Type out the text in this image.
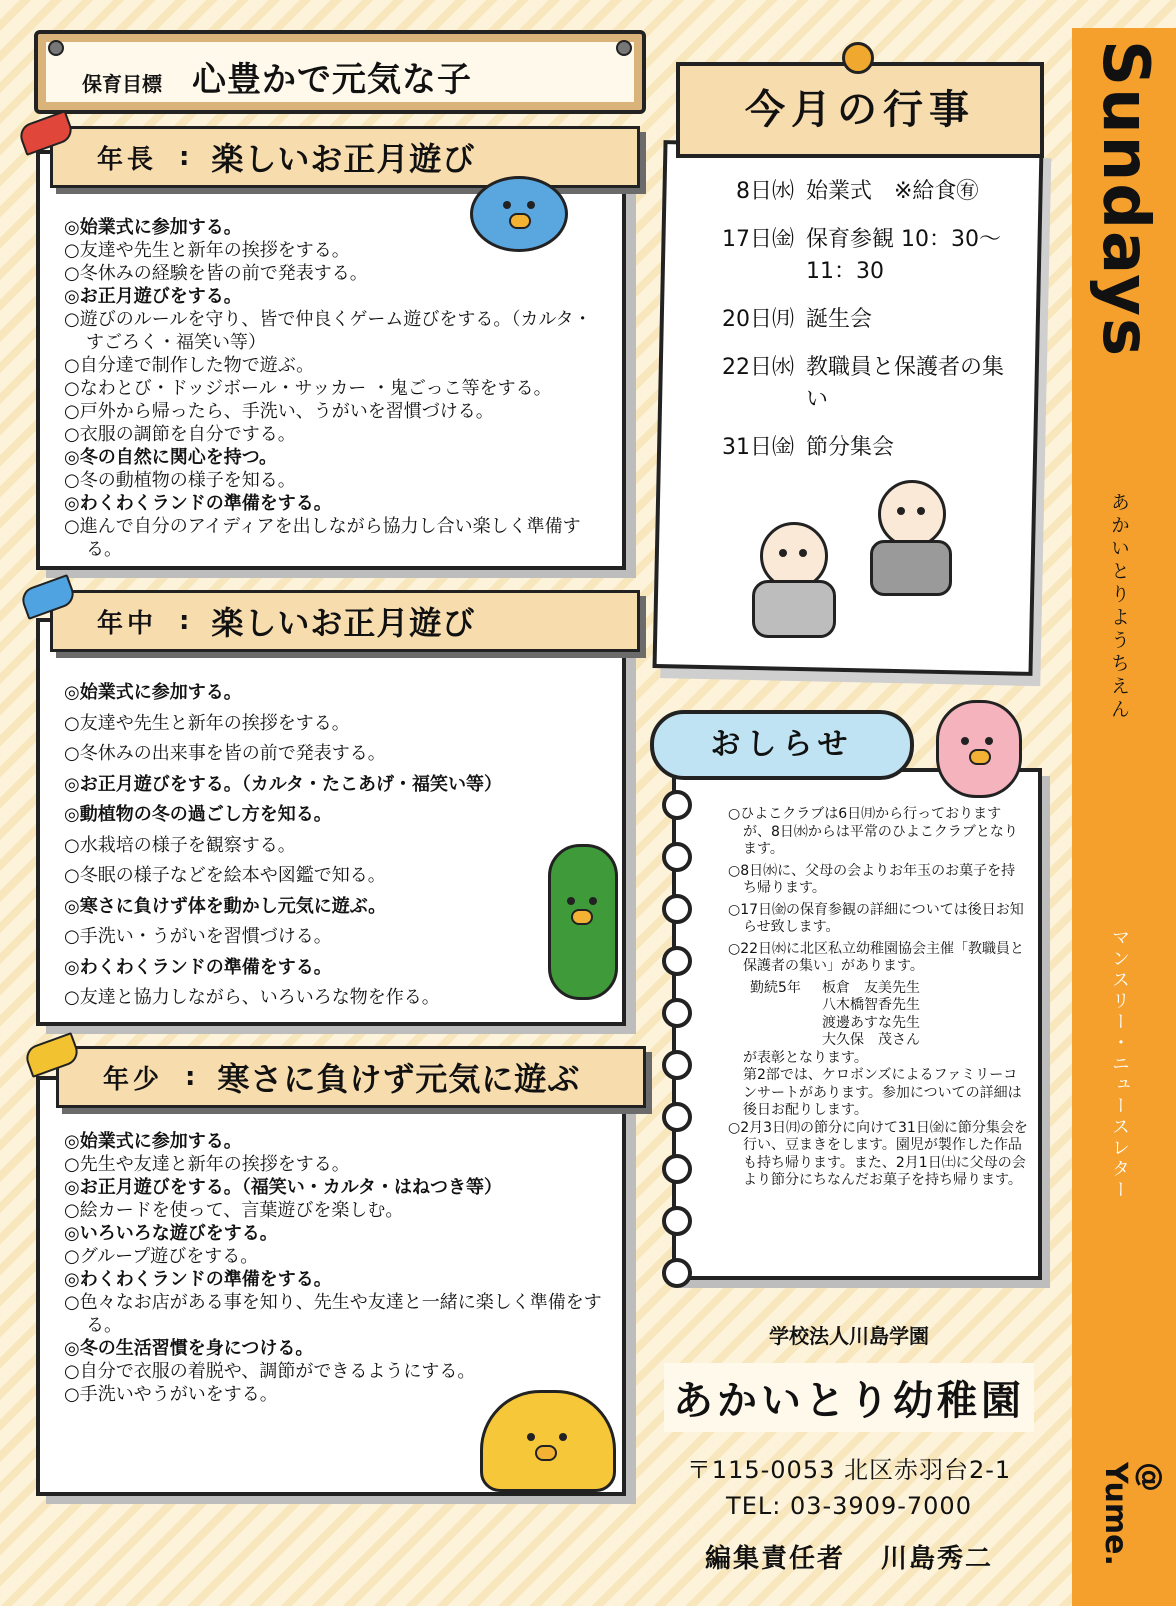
Sundays
あかいとりようちえん
マンスリー・ニュースレター
@ Yume.
保育目標 心豊かで元気な子
◎始業式に参加する。
○友達や先生と新年の挨拶をする。
○冬休みの経験を皆の前で発表する。
◎お正月遊びをする。
○遊びのルールを守り、皆で仲良くゲーム遊びをする。（カルタ・すごろく・福笑い等）
○自分達で制作した物で遊ぶ。
○なわとび・ドッジボール・サッカー ・鬼ごっこ等をする。
○戸外から帰ったら、手洗い、うがいを習慣づける。
○衣服の調節を自分でする。
◎冬の自然に関心を持つ。
○冬の動植物の様子を知る。
◎わくわくランドの準備をする。
○進んで自分のアイディアを出しながら協力し合い楽しく準備する。
年長 : 楽しいお正月遊び
◎始業式に参加する。
○友達や先生と新年の挨拶をする。
○冬休みの出来事を皆の前で発表する。
◎お正月遊びをする。（カルタ・たこあげ・福笑い等）
◎動植物の冬の過ごし方を知る。
○水栽培の様子を観察する。
○冬眠の様子などを絵本や図鑑で知る。
◎寒さに負けず体を動かし元気に遊ぶ。
○手洗い・うがいを習慣づける。
◎わくわくランドの準備をする。
○友達と協力しながら、いろいろな物を作る。
年中 : 楽しいお正月遊び
◎始業式に参加する。
○先生や友達と新年の挨拶をする。
◎お正月遊びをする。（福笑い・カルタ・はねつき等）
○絵カードを使って、言葉遊びを楽しむ。
◎いろいろな遊びをする。
○グループ遊びをする。
◎わくわくランドの準備をする。
○色々なお店がある事を知り、先生や友達と一緒に楽しく準備をする。
◎冬の生活習慣を身につける。
○自分で衣服の着脱や、調節ができるようにする。
○手洗いやうがいをする。
年少 : 寒さに負けず元気に遊ぶ
今月の行事
8日㈬ 始業式　※給食㊒
17日㈮ 保育参観 10：30〜11：30
20日㈪ 誕生会
22日㈬ 教職員と保護者の集い
31日㈮ 節分集会
おしらせ
○ひよこクラブは6日㈪から行っておりますが、8日㈬からは平常のひよこクラブとなります。
○8日㈬に、父母の会よりお年玉のお菓子を持ち帰ります。
○17日㈮の保育参観の詳細については後日お知らせ致します。
○22日㈬に北区私立幼稚園協会主催「教職員と保護者の集い」があります。
勤続5年	板倉　友美先生
八木橋智香先生
渡邊あすな先生
大久保　茂さん
が表彰となります。
第2部では、ケロボンズによるファミリーコンサートがあります。参加についての詳細は後日お配りします。
○2月3日㈪の節分に向けて31日㈮に節分集会を行い、豆まきをします。園児が製作した作品も持ち帰ります。また、2月1日㈯に父母の会より節分にちなんだお菓子を持ち帰ります。
学校法人川島学園
あかいとり幼稚園
〒115-0053 北区赤羽台2-1
TEL: 03-3909-7000
編集責任者 川島秀二
